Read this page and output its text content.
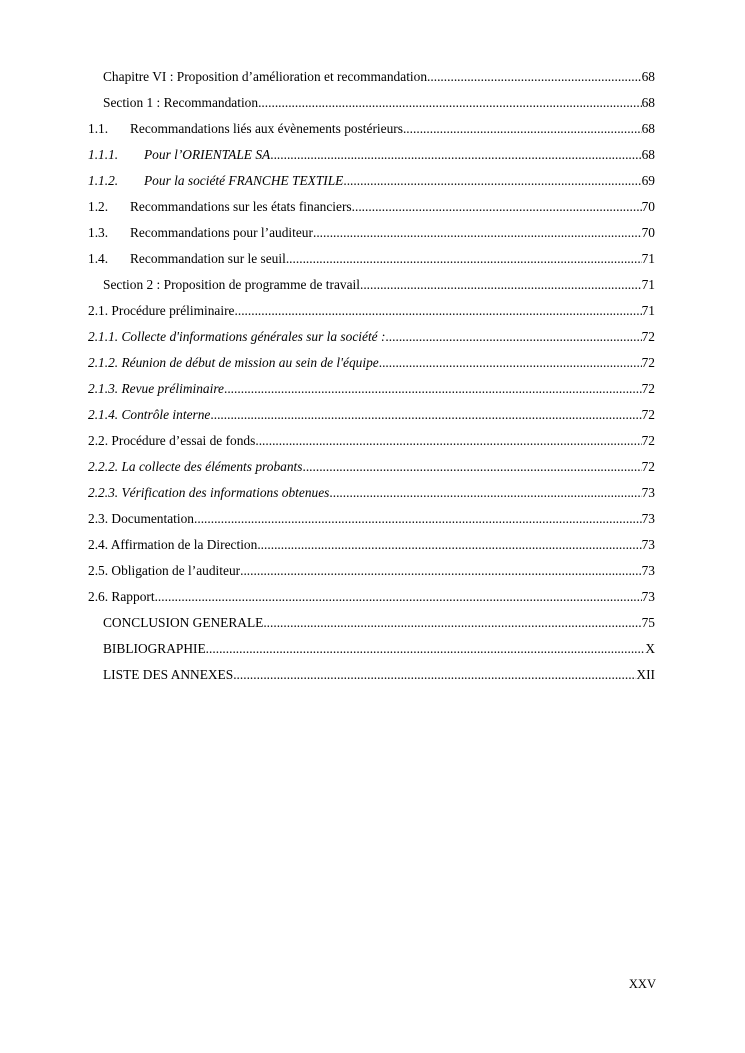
Chapitre VI : Proposition d’amélioration et recommandation .....	68
Section 1 : Recommandation .....	68
1.1.	Recommandations liés aux évènements postérieurs .....	68
1.1.1.	Pour l’ORIENTALE SA .....	68
1.1.2.	Pour la société FRANCHE TEXTILE .....	69
1.2.	Recommandations sur les états financiers .....	70
1.3.	Recommandations pour l’auditeur .....	70
1.4.	Recommandation sur le seuil .....	71
Section 2 : Proposition de programme de travail .....	71
2.1. Procédure préliminaire .....	71
2.1.1. Collecte d'informations générales sur la société : .....	72
2.1.2. Réunion de début de mission au sein de l'équipe .....	72
2.1.3. Revue préliminaire .....	72
2.1.4. Contrôle interne .....	72
2.2. Procédure d’essai de fonds .....	72
2.2.2. La collecte des éléments probants .....	72
2.2.3. Vérification des informations obtenues .....	73
2.3. Documentation .....	73
2.4. Affirmation de la Direction .....	73
2.5. Obligation de l’auditeur .....	73
2.6. Rapport .....	73
CONCLUSION GENERALE .....	75
BIBLIOGRAPHIE .....	X
LISTE DES ANNEXES .....	XII
XXV
